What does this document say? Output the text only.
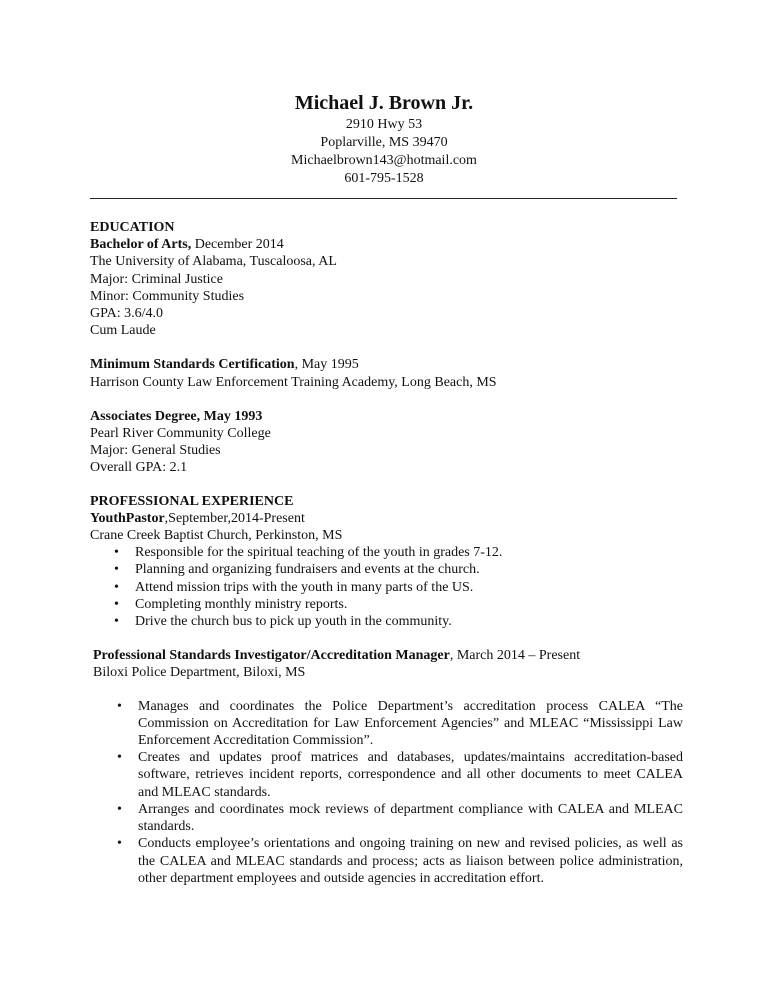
Michael J. Brown Jr.
2910 Hwy 53
Poplarville, MS 39470
Michaelbrown143@hotmail.com
601-795-1528

EDUCATION

Bachelor of Arts, December 2014

The University of Alabama, Tuscaloosa, AL

Major: Criminal Justice

Minor: Community Studies

GPA: 3.6/4.0

Cum Laude

Minimum Standards Certification, May 1995

Harrison County Law Enforcement Training Academy, Long Beach, MS

Associates Degree, May 1993

Pearl River Community College

Major: General Studies

Overall GPA: 2.1

PROFESSIONAL EXPERIENCE

YouthPastor,September,2014-Present

Crane Creek Baptist Church, Perkinston, MS

• Responsible for the spiritual teaching of the youth in grades 7-12.
• Planning and organizing fundraisers and events at the church.
• Attend mission trips with the youth in many parts of the US.
• Completing monthly ministry reports.
• Drive the church bus to pick up youth in the community.

Professional Standards Investigator/Accreditation Manager, March 2014 – Present

Biloxi Police Department, Biloxi, MS

• Manages and coordinates the Police Department’s accreditation process CALEA “The Commission on Accreditation for Law Enforcement Agencies” and MLEAC “Mississippi Law Enforcement Accreditation Commission”.
• Creates and updates proof matrices and databases, updates/maintains accreditation-based software, retrieves incident reports, correspondence and all other documents to meet CALEA and MLEAC standards.
• Arranges and coordinates mock reviews of department compliance with CALEA and MLEAC standards.
• Conducts employee’s orientations and ongoing training on new and revised policies, as well as the CALEA and MLEAC standards and process; acts as liaison between police administration, other department employees and outside agencies in accreditation effort.
